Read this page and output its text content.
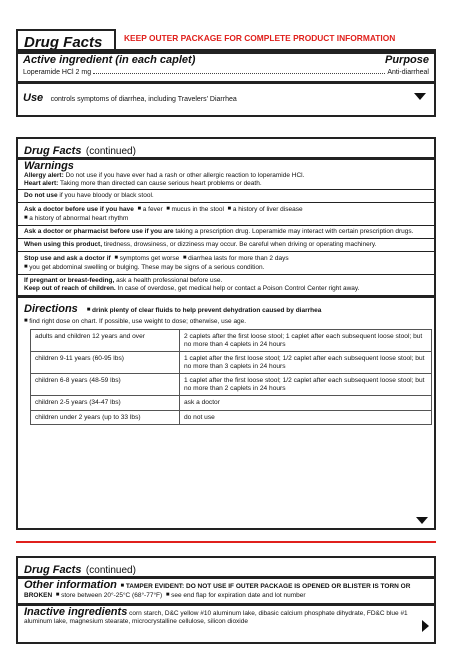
Drug Facts	KEEP OUTER PACKAGE FOR COMPLETE PRODUCT INFORMATION
Active ingredient (in each caplet)	Purpose
Loperamide HCl 2 mg	Anti-diarrheal
Use controls symptoms of diarrhea, including Travelers' Diarrhea
Drug Facts (continued)
Warnings
Allergy alert: Do not use if you have ever had a rash or other allergic reaction to loperamide HCl.
Heart alert: Taking more than directed can cause serious heart problems or death.
Do not use if you have bloody or black stool.
Ask a doctor before use if you have ■ a fever ■ mucus in the stool ■ a history of liver disease
■ a history of abnormal heart rhythm
Ask a doctor or pharmacist before use if you are taking a prescription drug. Loperamide may interact with certain prescription drugs.
When using this product, tiredness, drowsiness, or dizziness may occur. Be careful when driving or operating machinery.
Stop use and ask a doctor if ■ symptoms get worse ■ diarrhea lasts for more than 2 days
■ you get abdominal swelling or bulging. These may be signs of a serious condition.
If pregnant or breast-feeding, ask a health professional before use.
Keep out of reach of children. In case of overdose, get medical help or contact a Poison Control Center right away.
Directions ■ drink plenty of clear fluids to help prevent dehydration caused by diarrhea
■ find right dose on chart. If possible, use weight to dose; otherwise, use age.
adults and children 12 years and over	2 caplets after the first loose stool; 1 caplet after each subsequent loose stool; but no more than 4 caplets in 24 hours
children 9-11 years (60-95 lbs)	1 caplet after the first loose stool; 1/2 caplet after each subsequent loose stool; but no more than 3 caplets in 24 hours
children 6-8 years (48-59 lbs)	1 caplet after the first loose stool; 1/2 caplet after each subsequent loose stool; but no more than 2 caplets in 24 hours
children 2-5 years (34-47 lbs)	ask a doctor
children under 2 years (up to 33 lbs)	do not use
Drug Facts (continued)
Other information ■ TAMPER EVIDENT: DO NOT USE IF OUTER PACKAGE IS OPENED OR BLISTER IS TORN OR BROKEN ■ store between 20°-25°C (68°-77°F) ■ see end flap for expiration date and lot number
Inactive ingredients corn starch, D&C yellow #10 aluminum lake, dibasic calcium phosphate dihydrate, FD&C blue #1 aluminum lake, magnesium stearate, microcrystalline cellulose, silicon dioxide
